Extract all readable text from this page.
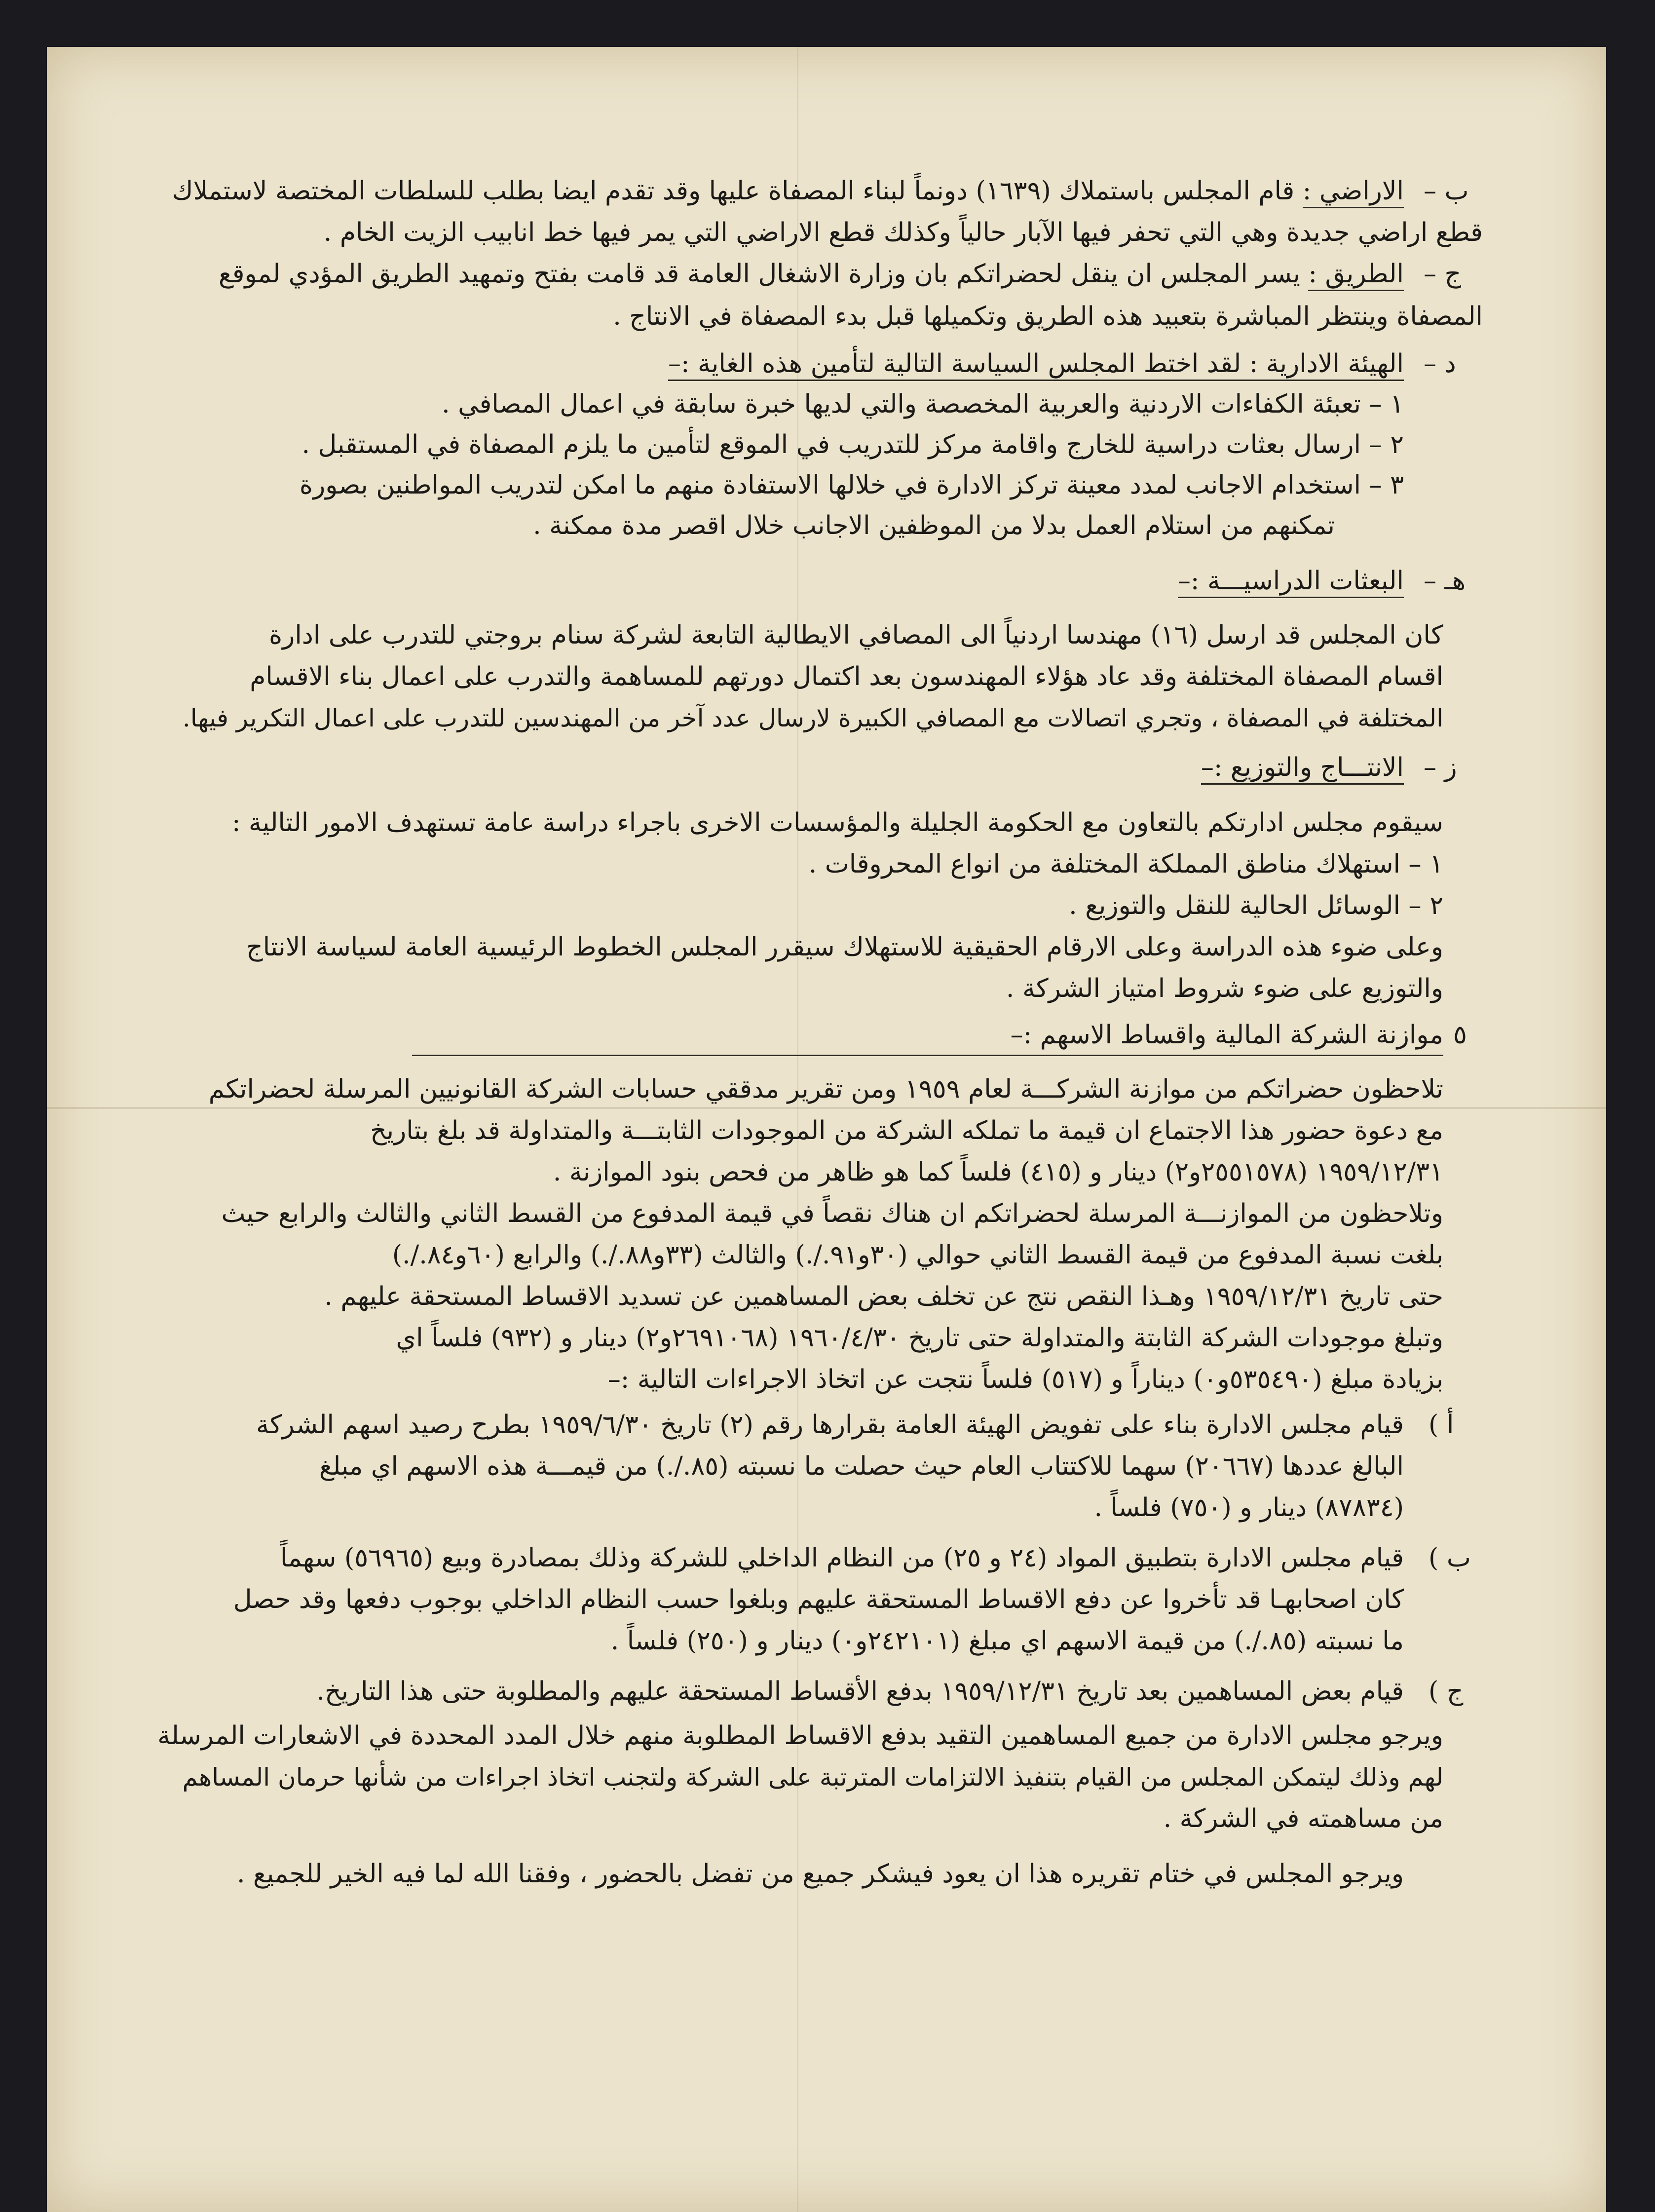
ب –
الاراضي : قام المجلس باستملاك (١٦٣٩) دونماً لبناء المصفاة عليها وقد تقدم ايضا بطلب للسلطات المختصة لاستملاك
قطع اراضي جديدة وهي التي تحفر فيها الآبار حالياً وكذلك قطع الاراضي التي يمر فيها خط انابيب الزيت الخام .
ج –
الطريق : يسر المجلس ان ينقل لحضراتكم بان وزارة الاشغال العامة قد قامت بفتح وتمهيد الطريق المؤدي لموقع
المصفاة وينتظر المباشرة بتعبيد هذه الطريق وتكميلها قبل بدء المصفاة في الانتاج .
د –
الهيئة الادارية : لقد اختط المجلس السياسة التالية لتأمين هذه الغاية :–
١ – تعبئة الكفاءات الاردنية والعربية المخصصة والتي لديها خبرة سابقة في اعمال المصافي .
٢ – ارسال بعثات دراسية للخارج واقامة مركز للتدريب في الموقع لتأمين ما يلزم المصفاة في المستقبل .
٣ – استخدام الاجانب لمدد معينة تركز الادارة في خلالها الاستفادة منهم ما امكن لتدريب المواطنين بصورة
تمكنهم من استلام العمل بدلا من الموظفين الاجانب خلال اقصر مدة ممكنة .
هـ –
البعثات الدراسيـــة :–
كان المجلس قد ارسل (١٦) مهندسا اردنياً الى المصافي الايطالية التابعة لشركة سنام بروجتي للتدرب على ادارة
اقسام المصفاة المختلفة وقد عاد هؤلاء المهندسون بعد اكتمال دورتهم للمساهمة والتدرب على اعمال بناء الاقسام
المختلفة في المصفاة ، وتجري اتصالات مع المصافي الكبيرة لارسال عدد آخر من المهندسين للتدرب على اعمال التكرير فيها.
ز –
الانتـــاج والتوزيع :–
سيقوم مجلس ادارتكم بالتعاون مع الحكومة الجليلة والمؤسسات الاخرى باجراء دراسة عامة تستهدف الامور التالية :
١ – استهلاك مناطق المملكة المختلفة من انواع المحروقات .
٢ – الوسائل الحالية للنقل والتوزيع .
وعلى ضوء هذه الدراسة وعلى الارقام الحقيقية للاستهلاك سيقرر المجلس الخطوط الرئيسية العامة لسياسة الانتاج
والتوزيع على ضوء شروط امتياز الشركة .
٥
موازنة الشركة المالية واقساط الاسهم :–
تلاحظون حضراتكم من موازنة الشركـــة لعام ١٩٥٩ ومن تقرير مدققي حسابات الشركة القانونيين المرسلة لحضراتكم
مع دعوة حضور هذا الاجتماع ان قيمة ما تملكه الشركة من الموجودات الثابتـــة والمتداولة قد بلغ بتاريخ
١٩٥٩/١٢/٣١ (٢٥٥١٥٧٨و٢) دينار و (٤١٥) فلساً كما هو ظاهر من فحص بنود الموازنة .
وتلاحظون من الموازنـــة المرسلة لحضراتكم ان هناك نقصاً في قيمة المدفوع من القسط الثاني والثالث والرابع حيث
بلغت نسبة المدفوع من قيمة القسط الثاني حوالي (٣٠و٩١./.) والثالث (٣٣و٨٨./.) والرابع (٦٠و٨٤./.)
حتى تاريخ ١٩٥٩/١٢/٣١ وهـذا النقص نتج عن تخلف بعض المساهمين عن تسديد الاقساط المستحقة عليهم .
وتبلغ موجودات الشركة الثابتة والمتداولة حتى تاريخ ١٩٦٠/٤/٣٠ (٢٦٩١٠٦٨و٢) دينار و (٩٣٢) فلساً اي
بزيادة مبلغ (٥٣٥٤٩٠و٠) ديناراً و (٥١٧) فلساً نتجت عن اتخاذ الاجراءات التالية :–
أ )
قيام مجلس الادارة بناء على تفويض الهيئة العامة بقرارها رقم (٢) تاريخ ١٩٥٩/٦/٣٠ بطرح رصيد اسهم الشركة
البالغ عددها (٢٠٦٦٧) سهما للاكتتاب العام حيث حصلت ما نسبته (٨٥./.) من قيمـــة هذه الاسهم اي مبلغ
(٨٧٨٣٤) دينار و (٧٥٠) فلساً .
ب )
قيام مجلس الادارة بتطبيق المواد (٢٤ و ٢٥) من النظام الداخلي للشركة وذلك بمصادرة وبيع (٥٦٩٦٥) سهماً
كان اصحابهـا قد تأخروا عن دفع الاقساط المستحقة عليهم وبلغوا حسب النظام الداخلي بوجوب دفعها وقد حصل
ما نسبته (٨٥./.) من قيمة الاسهم اي مبلغ (٢٤٢١٠١و٠) دينار و (٢٥٠) فلساً .
ج )
قيام بعض المساهمين بعد تاريخ ١٩٥٩/١٢/٣١ بدفع الأقساط المستحقة عليهم والمطلوبة حتى هذا التاريخ.
ويرجو مجلس الادارة من جميع المساهمين التقيد بدفع الاقساط المطلوبة منهم خلال المدد المحددة في الاشعارات المرسلة
لهم وذلك ليتمكن المجلس من القيام بتنفيذ الالتزامات المترتبة على الشركة ولتجنب اتخاذ اجراءات من شأنها حرمان المساهم
من مساهمته في الشركة .
ويرجو المجلس في ختام تقريره هذا ان يعود فيشكر جميع من تفضل بالحضور ، وفقنا الله لما فيه الخير للجميع .
